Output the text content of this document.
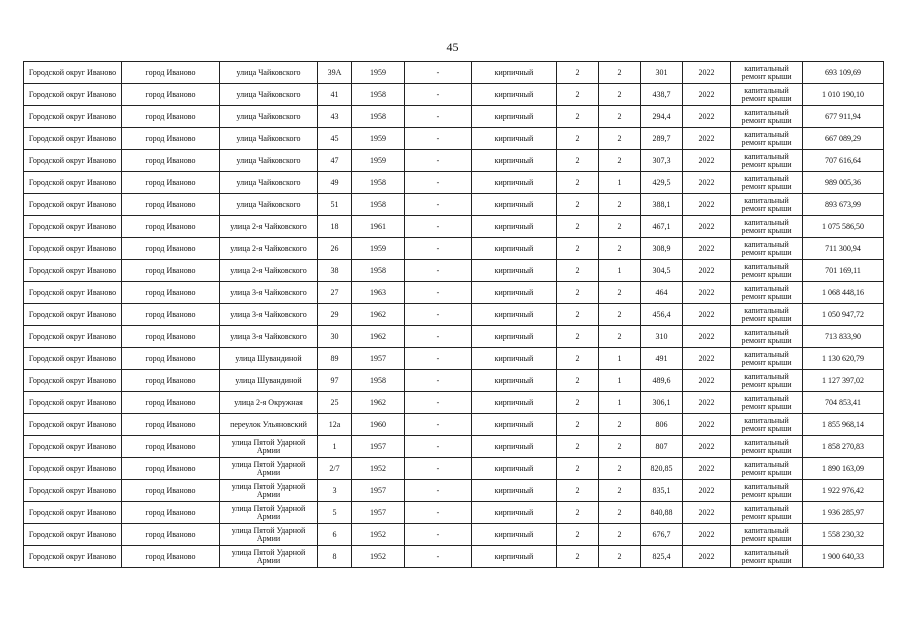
45
Городской округ Иваново	город Иваново	улица Чайковского	39А	1959	-	кирпичный	2	2	301	2022	капитальный ремонт крыши	693 109,69
Городской округ Иваново	город Иваново	улица Чайковского	41	1958	-	кирпичный	2	2	438,7	2022	капитальный ремонт крыши	1 010 190,10
Городской округ Иваново	город Иваново	улица Чайковского	43	1958	-	кирпичный	2	2	294,4	2022	капитальный ремонт крыши	677 911,94
Городской округ Иваново	город Иваново	улица Чайковского	45	1959	-	кирпичный	2	2	289,7	2022	капитальный ремонт крыши	667 089,29
Городской округ Иваново	город Иваново	улица Чайковского	47	1959	-	кирпичный	2	2	307,3	2022	капитальный ремонт крыши	707 616,64
Городской округ Иваново	город Иваново	улица Чайковского	49	1958	-	кирпичный	2	1	429,5	2022	капитальный ремонт крыши	989 005,36
Городской округ Иваново	город Иваново	улица Чайковского	51	1958	-	кирпичный	2	2	388,1	2022	капитальный ремонт крыши	893 673,99
Городской округ Иваново	город Иваново	улица 2-я Чайковского	18	1961	-	кирпичный	2	2	467,1	2022	капитальный ремонт крыши	1 075 586,50
Городской округ Иваново	город Иваново	улица 2-я Чайковского	26	1959	-	кирпичный	2	2	308,9	2022	капитальный ремонт крыши	711 300,94
Городской округ Иваново	город Иваново	улица 2-я Чайковского	38	1958	-	кирпичный	2	1	304,5	2022	капитальный ремонт крыши	701 169,11
Городской округ Иваново	город Иваново	улица 3-я Чайковского	27	1963	-	кирпичный	2	2	464	2022	капитальный ремонт крыши	1 068 448,16
Городской округ Иваново	город Иваново	улица 3-я Чайковского	29	1962	-	кирпичный	2	2	456,4	2022	капитальный ремонт крыши	1 050 947,72
Городской округ Иваново	город Иваново	улица 3-я Чайковского	30	1962	-	кирпичный	2	2	310	2022	капитальный ремонт крыши	713 833,90
Городской округ Иваново	город Иваново	улица Шувандиной	89	1957	-	кирпичный	2	1	491	2022	капитальный ремонт крыши	1 130 620,79
Городской округ Иваново	город Иваново	улица Шувандиной	97	1958	-	кирпичный	2	1	489,6	2022	капитальный ремонт крыши	1 127 397,02
Городской округ Иваново	город Иваново	улица 2-я Окружная	25	1962	-	кирпичный	2	1	306,1	2022	капитальный ремонт крыши	704 853,41
Городской округ Иваново	город Иваново	переулок Ульяновский	12а	1960	-	кирпичный	2	2	806	2022	капитальный ремонт крыши	1 855 968,14
Городской округ Иваново	город Иваново	улица Пятой Ударной Армии	1	1957	-	кирпичный	2	2	807	2022	капитальный ремонт крыши	1 858 270,83
Городской округ Иваново	город Иваново	улица Пятой Ударной Армии	2/7	1952	-	кирпичный	2	2	820,85	2022	капитальный ремонт крыши	1 890 163,09
Городской округ Иваново	город Иваново	улица Пятой Ударной Армии	3	1957	-	кирпичный	2	2	835,1	2022	капитальный ремонт крыши	1 922 976,42
Городской округ Иваново	город Иваново	улица Пятой Ударной Армии	5	1957	-	кирпичный	2	2	840,88	2022	капитальный ремонт крыши	1 936 285,97
Городской округ Иваново	город Иваново	улица Пятой Ударной Армии	6	1952	-	кирпичный	2	2	676,7	2022	капитальный ремонт крыши	1 558 230,32
Городской округ Иваново	город Иваново	улица Пятой Ударной Армии	8	1952	-	кирпичный	2	2	825,4	2022	капитальный ремонт крыши	1 900 640,33
